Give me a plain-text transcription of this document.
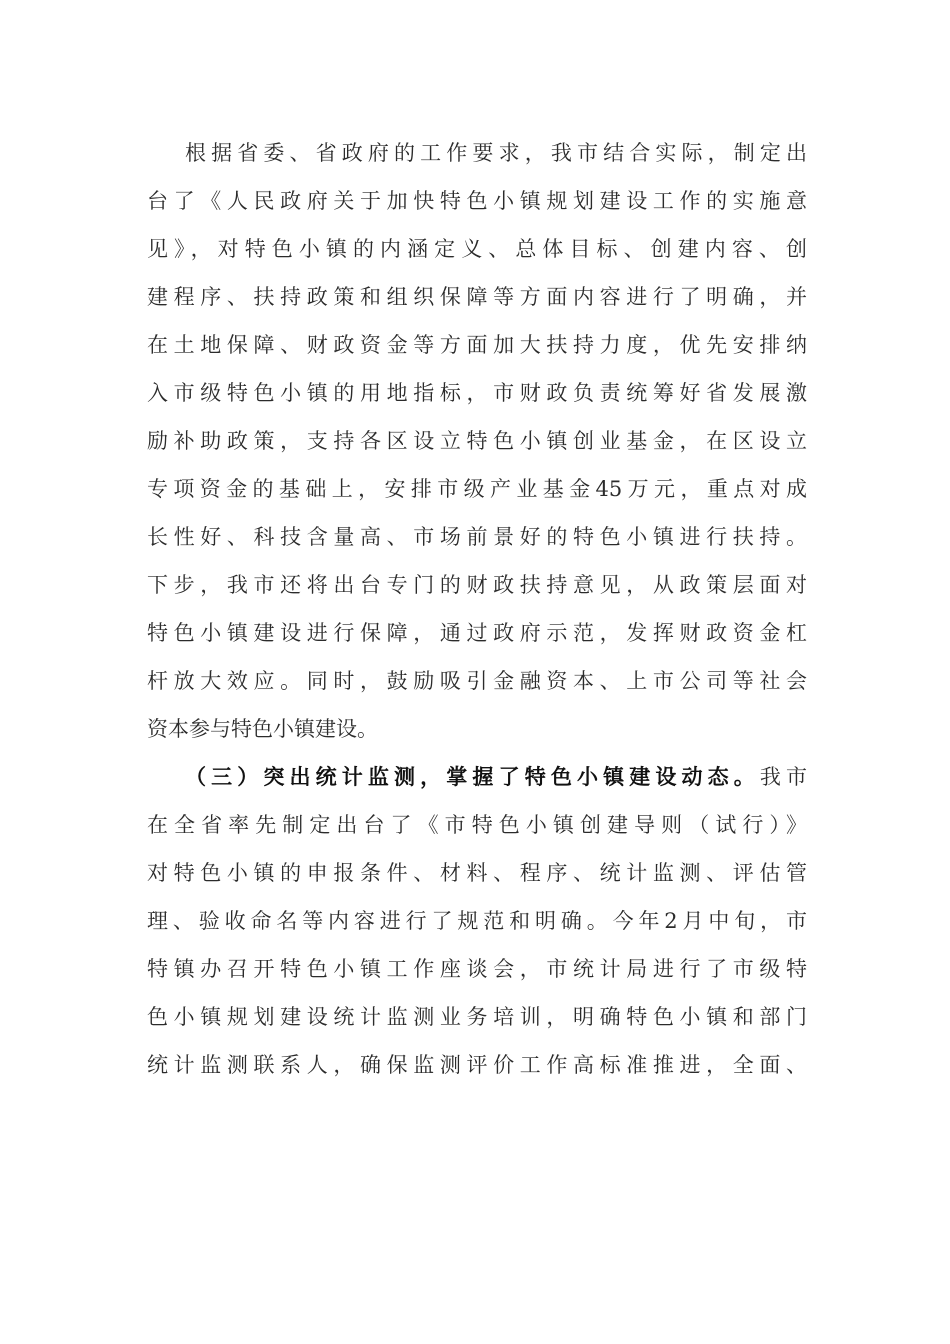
根据省委、省政府的工作要求，我市结合实际，制定出
台了《人民政府关于加快特色小镇规划建设工作的实施意
见》，对特色小镇的内涵定义、总体目标、创建内容、创
建程序、扶持政策和组织保障等方面内容进行了明确，并
在土地保障、财政资金等方面加大扶持力度，优先安排纳
入市级特色小镇的用地指标，市财政负责统筹好省发展激
励补助政策，支持各区设立特色小镇创业基金，在区设立
专项资金的基础上，安排市级产业基金45万元，重点对成
长性好、科技含量高、市场前景好的特色小镇进行扶持。
下步，我市还将出台专门的财政扶持意见，从政策层面对
特色小镇建设进行保障，通过政府示范，发挥财政资金杠
杆放大效应。同时，鼓励吸引金融资本、上市公司等社会
资本参与特色小镇建设。
（三）突出统计监测，掌握了特色小镇建设动态。我市
在全省率先制定出台了《市特色小镇创建导则（试行）》
对特色小镇的申报条件、材料、程序、统计监测、评估管
理、验收命名等内容进行了规范和明确。今年2月中旬，市
特镇办召开特色小镇工作座谈会，市统计局进行了市级特
色小镇规划建设统计监测业务培训，明确特色小镇和部门
统计监测联系人，确保监测评价工作高标准推进，全面、
